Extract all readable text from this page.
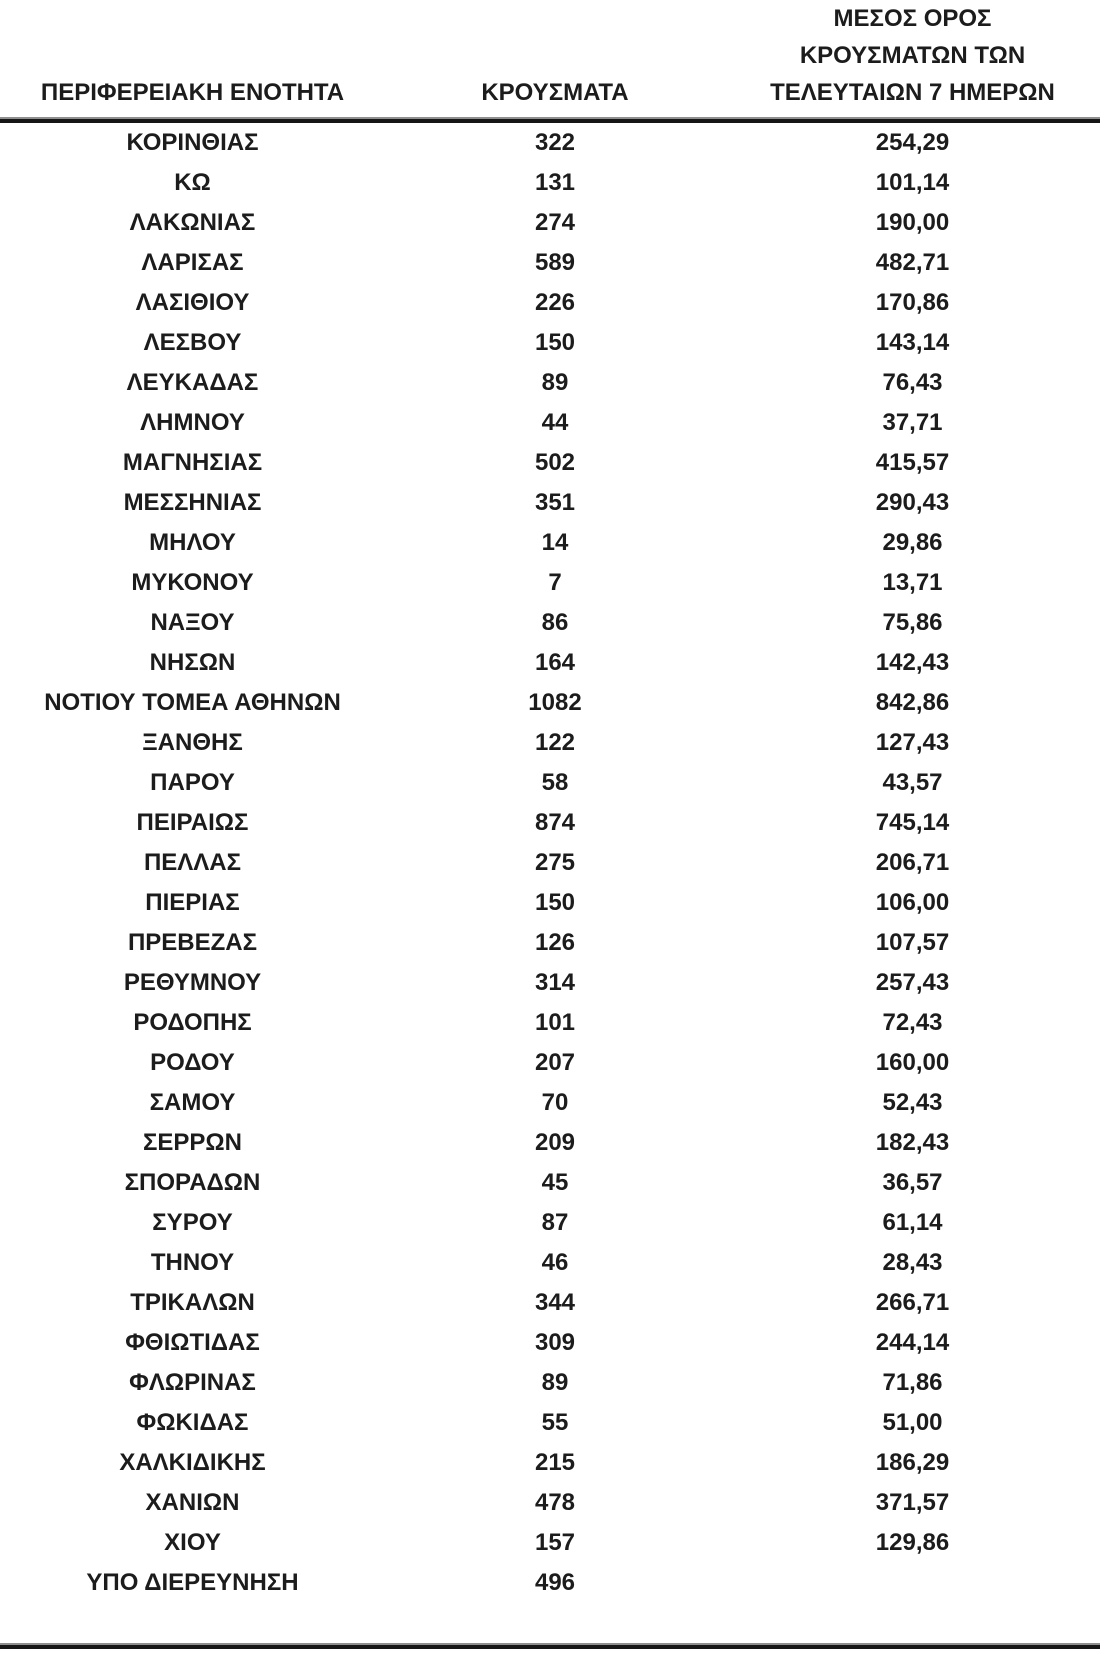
ΠΕΡΙΦΕΡΕΙΑΚΗ ΕΝΟΤΗΤΑ	ΚΡΟΥΣΜΑΤΑ

ΜΕΣΟΣ ΟΡΟΣ
ΚΡΟΥΣΜΑΤΩΝ ΤΩΝ
ΤΕΛΕΥΤΑΙΩΝ 7 ΗΜΕΡΩΝ
ΚΟΡΙΝΘΙΑΣ	322	254,29
ΚΩ	131	101,14
ΛΑΚΩΝΙΑΣ	274	190,00
ΛΑΡΙΣΑΣ	589	482,71
ΛΑΣΙΘΙΟΥ	226	170,86
ΛΕΣΒΟΥ	150	143,14
ΛΕΥΚΑΔΑΣ	89	76,43
ΛΗΜΝΟΥ	44	37,71
ΜΑΓΝΗΣΙΑΣ	502	415,57
ΜΕΣΣΗΝΙΑΣ	351	290,43
ΜΗΛΟΥ	14	29,86
ΜΥΚΟΝΟΥ	7	13,71
ΝΑΞΟΥ	86	75,86
ΝΗΣΩΝ	164	142,43
ΝΟΤΙΟΥ ΤΟΜΕΑ ΑΘΗΝΩΝ	1082	842,86
ΞΑΝΘΗΣ	122	127,43
ΠΑΡΟΥ	58	43,57
ΠΕΙΡΑΙΩΣ	874	745,14
ΠΕΛΛΑΣ	275	206,71
ΠΙΕΡΙΑΣ	150	106,00
ΠΡΕΒΕΖΑΣ	126	107,57
ΡΕΘΥΜΝΟΥ	314	257,43
ΡΟΔΟΠΗΣ	101	72,43
ΡΟΔΟΥ	207	160,00
ΣΑΜΟΥ	70	52,43
ΣΕΡΡΩΝ	209	182,43
ΣΠΟΡΑΔΩΝ	45	36,57
ΣΥΡΟΥ	87	61,14
ΤΗΝΟΥ	46	28,43
ΤΡΙΚΑΛΩΝ	344	266,71
ΦΘΙΩΤΙΔΑΣ	309	244,14
ΦΛΩΡΙΝΑΣ	89	71,86
ΦΩΚΙΔΑΣ	55	51,00
ΧΑΛΚΙΔΙΚΗΣ	215	186,29
ΧΑΝΙΩΝ	478	371,57
ΧΙΟΥ	157	129,86
ΥΠΟ ΔΙΕΡΕΥΝΗΣΗ	496	
